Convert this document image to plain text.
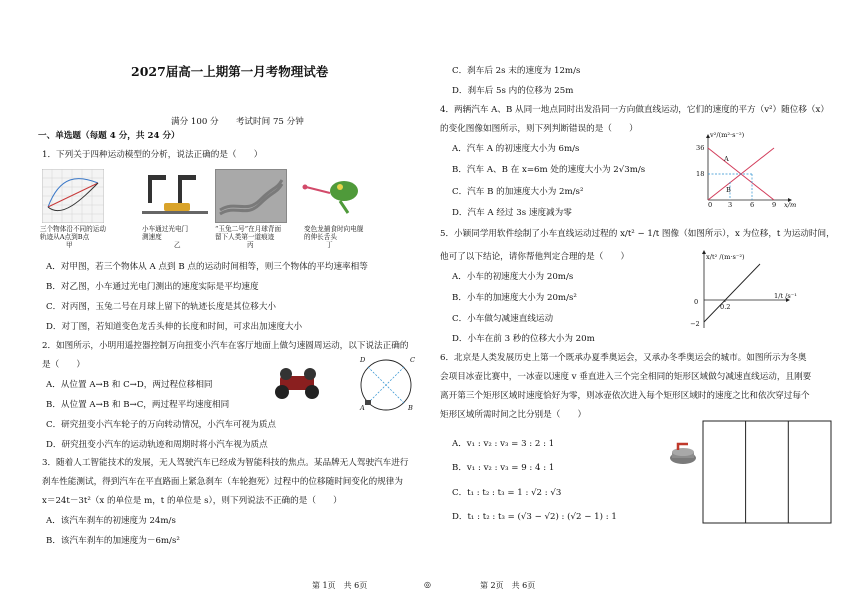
2027届高一上期第一月考物理试卷
满分 100 分　　考试时间 75 分钟
一、单选题（每题 4 分，共 24 分）
1．下列关于四种运动模型的分析，说法正确的是（　　）
三个物体沿不同的运动
轨迹从A点到B点
甲
小车通过光电门
测速度
乙
“玉兔二号”在月球背面
留下人类第一道痕迹
丙
变色龙捕食时向电舰
的伸长舌头
丁
A．对甲图，若三个物体从 A 点到 B 点的运动时间相等，则三个物体的平均速率相等
B．对乙图，小车通过光电门测出的速度实际是平均速度
C．对丙图，玉兔二号在月球上留下的轨迹长度是其位移大小
D．对丁图，若知道变色龙舌头伸的长度和时间，可求出加速度大小
2．如图所示，小明用遥控器控制万向扭变小汽车在客厅地面上做匀速圆周运动，以下说法正确的
是（　　）
A．从位置 A→B 和 C→D，两过程位移相同
B．从位置 A→B 和 B→C，两过程平均速度相同
C．研究扭变小汽车轮子的万向转动情况，小汽车可视为质点
D．研究扭变小汽车的运动轨迹和周期时将小汽车视为质点
D	C
A	B
3．随着人工智能技术的发展，无人驾驶汽车已经成为智能科技的焦点。某品牌无人驾驶汽车进行
刹车性能测试，得到汽车在平直路面上紧急刹车（车轮抱死）过程中的位移随时间变化的规律为
x＝24t－3t²（x 的单位是 m，t 的单位是 s），则下列说法不正确的是（　　）
A．该汽车刹车的初速度为 24m/s
B．该汽车刹车的加速度为－6m/s²
第 1页　共 6页
C．刹车后 2s 末的速度为 12m/s
D．刹车后 5s 内的位移为 25m
4．两辆汽车 A、B 从同一地点同时出发沿同一方向做直线运动，它们的速度的平方（v²）随位移（x）
的变化图像如图所示，则下列判断错误的是（　　）
A．汽车 A 的初速度大小为 6m/s
B．汽车 A、B 在 x=6m 处的速度大小为 2√3m/s
C．汽车 B 的加速度大小为 2m/s²
D．汽车 A 经过 3s 速度减为零
v²/(m²·s⁻²)
36
18
0 3	6	9 x/m
A
B
5．小颖同学用软件绘制了小车直线运动过程的 x/t² − 1/t 图像（如图所示），x 为位移，t 为运动时间，
他可了以下结论，请你帮他判定合理的是（　　）
A．小车的初速度大小为 20m/s
B．小车的加速度大小为 20m/s²
C．小车做匀减速直线运动
D．小车在前 3 秒的位移大小为 20m
x/t² /(m·s⁻²)
0
0.2
−2
1/t /s⁻¹
6．北京是人类发展历史上第一个既承办夏季奥运会，又承办冬季奥运会的城市。如图所示为冬奥
会项目冰壶比赛中，一冰壶以速度 v 垂直进入三个完全相同的矩形区域做匀减速直线运动，且刚要
离开第三个矩形区域时速度恰好为零，则冰壶依次进入每个矩形区域时的速度之比和依次穿过每个
矩形区域所需时间之比分别是（　　）
A．v₁ : v₂ : v₃ = 3 : 2 : 1
B．v₁ : v₂ : v₃ = 9 : 4 : 1
C．t₁ : t₂ : t₃ = 1 : √2 : √3
D．t₁ : t₂ : t₃ = (√3 − √2) : (√2 − 1) : 1
第 2页　共 6页
◎
